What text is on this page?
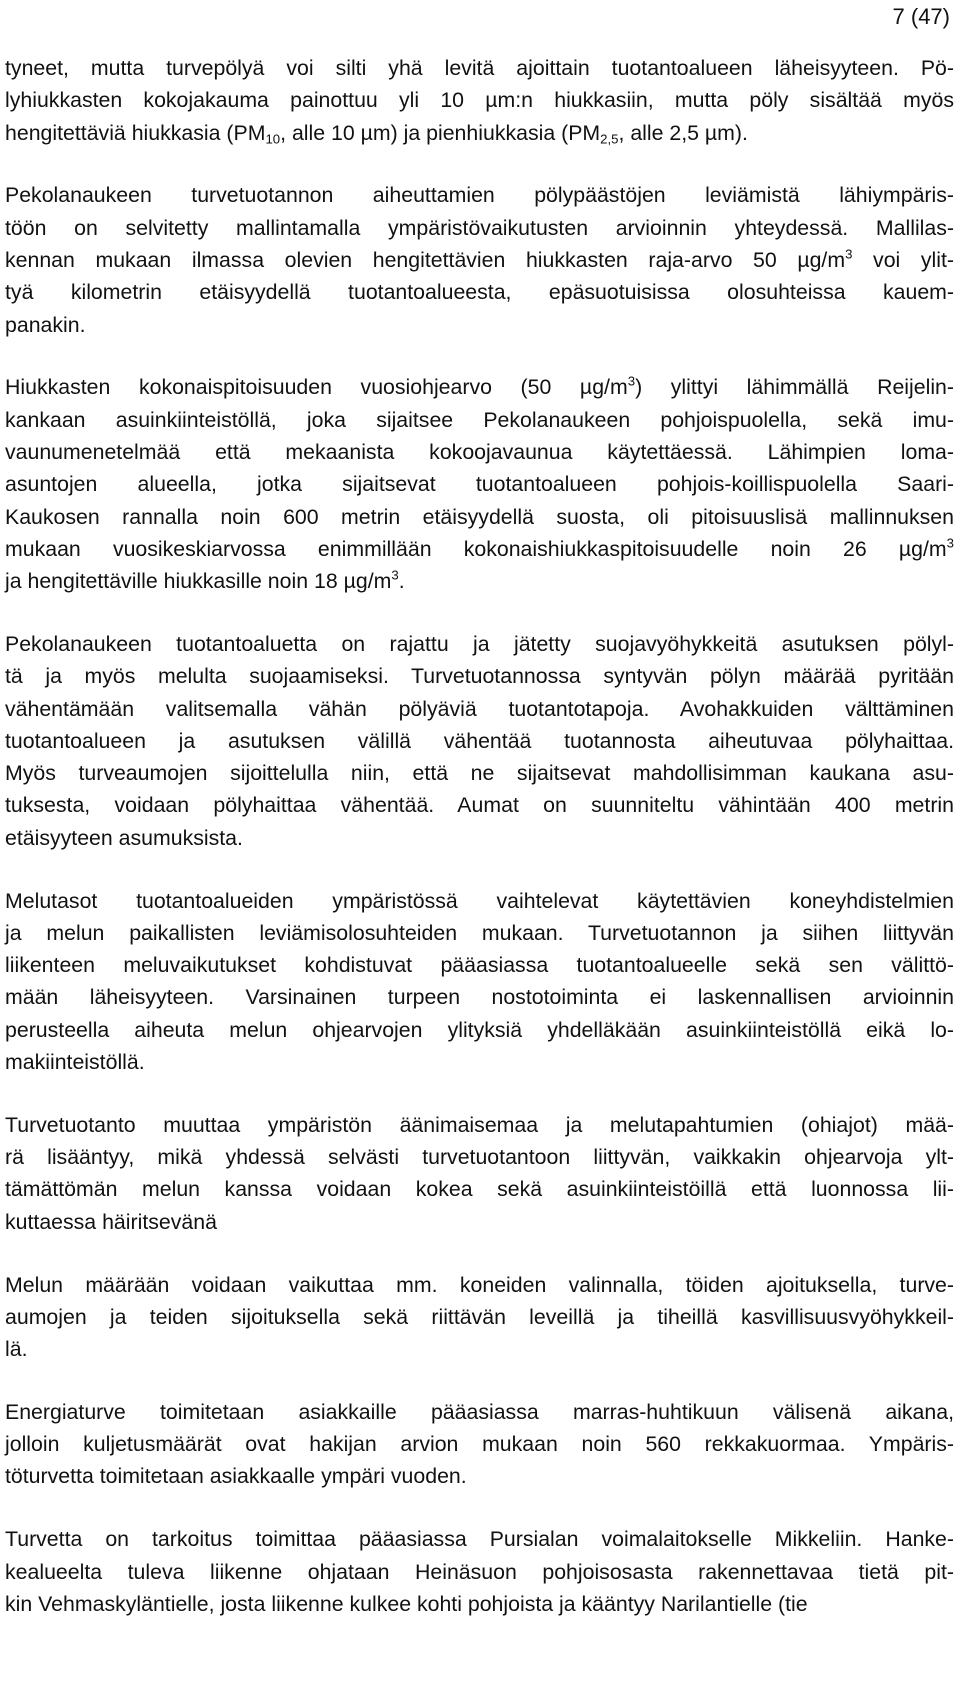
7 (47)

tyneet, mutta turvepölyä voi silti yhä levitä ajoittain tuotantoalueen läheisyyteen. Pö-
lyhiukkasten kokojakauma painottuu yli 10 µm:n hiukkasiin, mutta pöly sisältää myös
hengitettäviä hiukkasia ($PM_{10}$, alle 10 µm) ja pienhiukkasia ($PM_{2,5}$, alle 2,5 µm).

Pekolanaukeen turvetuotannon aiheuttamien pölypäästöjen leviämistä lähiympäris-
töön on selvitetty mallintamalla ympäristövaikutusten arvioinnin yhteydessä. Mallilas-
kennan mukaan ilmassa olevien hengitettävien hiukkasten raja-arvo 50 $\mu g/m^3$ voi ylit-
tyä kilometrin etäisyydellä tuotantoalueesta, epäsuotuisissa olosuhteissa kauem-
panakin.

Hiukkasten kokonaispitoisuuden vuosiohjearvo (50 $\mu g/m^3$) ylittyi lähimmällä Reijelin-
kankaan asuinkiinteistöllä, joka sijaitsee Pekolanaukeen pohjoispuolella, sekä imu-
vaunumenetelmää että mekaanista kokoojavaunua käytettäessä. Lähimpien loma-
asuntojen alueella, jotka sijaitsevat tuotantoalueen pohjois-koillispuolella Saari-
Kaukosen rannalla noin 600 metrin etäisyydellä suosta, oli pitoisuuslisä mallinnuksen
mukaan vuosikeskiarvossa enimmillään kokonaishiukkaspitoisuudelle noin 26 $\mu g/m^3$
ja hengitettäville hiukkasille noin 18 $\mu g/m^3$.

Pekolanaukeen tuotantoaluetta on rajattu ja jätetty suojavyöhykkeitä asutuksen pölyl-
tä ja myös melulta suojaamiseksi. Turvetuotannossa syntyvän pölyn määrää pyritään
vähentämään valitsemalla vähän pölyäviä tuotantotapoja. Avohakkuiden välttäminen
tuotantoalueen ja asutuksen välillä vähentää tuotannosta aiheutuvaa pölyhaittaa.
Myös turveaumojen sijoittelulla niin, että ne sijaitsevat mahdollisimman kaukana asu-
tuksesta, voidaan pölyhaittaa vähentää. Aumat on suunniteltu vähintään 400 metrin
etäisyyteen asumuksista.

Melutasot tuotantoalueiden ympäristössä vaihtelevat käytettävien koneyhdistelmien
ja melun paikallisten leviämisolosuhteiden mukaan. Turvetuotannon ja siihen liittyvän
liikenteen meluvaikutukset kohdistuvat pääasiassa tuotantoalueelle sekä sen välittö-
mään läheisyyteen. Varsinainen turpeen nostotoiminta ei laskennallisen arvioinnin
perusteella aiheuta melun ohjearvojen ylityksiä yhdelläkään asuinkiinteistöllä eikä lo-
makiinteistöllä.

Turvetuotanto muuttaa ympäristön äänimaisemaa ja melutapahtumien (ohiajot) mää-
rä lisääntyy, mikä yhdessä selvästi turvetuotantoon liittyvän, vaikkakin ohjearvoja ylt-
tämättömän melun kanssa voidaan kokea sekä asuinkiinteistöillä että luonnossa lii-
kuttaessa häiritsevänä

Melun määrään voidaan vaikuttaa mm. koneiden valinnalla, töiden ajoituksella, turve-
aumojen ja teiden sijoituksella sekä riittävän leveillä ja tiheillä kasvillisuusvyöhykkeil-
lä.

Energiaturve toimitetaan asiakkaille pääasiassa marras-huhtikuun välisenä aikana,
jolloin kuljetusmäärät ovat hakijan arvion mukaan noin 560 rekkakuormaa. Ympäris-
töturvetta toimitetaan asiakkaalle ympäri vuoden.

Turvetta on tarkoitus toimittaa pääasiassa Pursialan voimalaitokselle Mikkeliin. Hanke-
kealueelta tuleva liikenne ohjataan Heinäsuon pohjoisosasta rakennettavaa tietä pit-
kin Vehmaskyläntielle, josta liikenne kulkee kohti pohjoista ja kääntyy Narilantielle (tie
